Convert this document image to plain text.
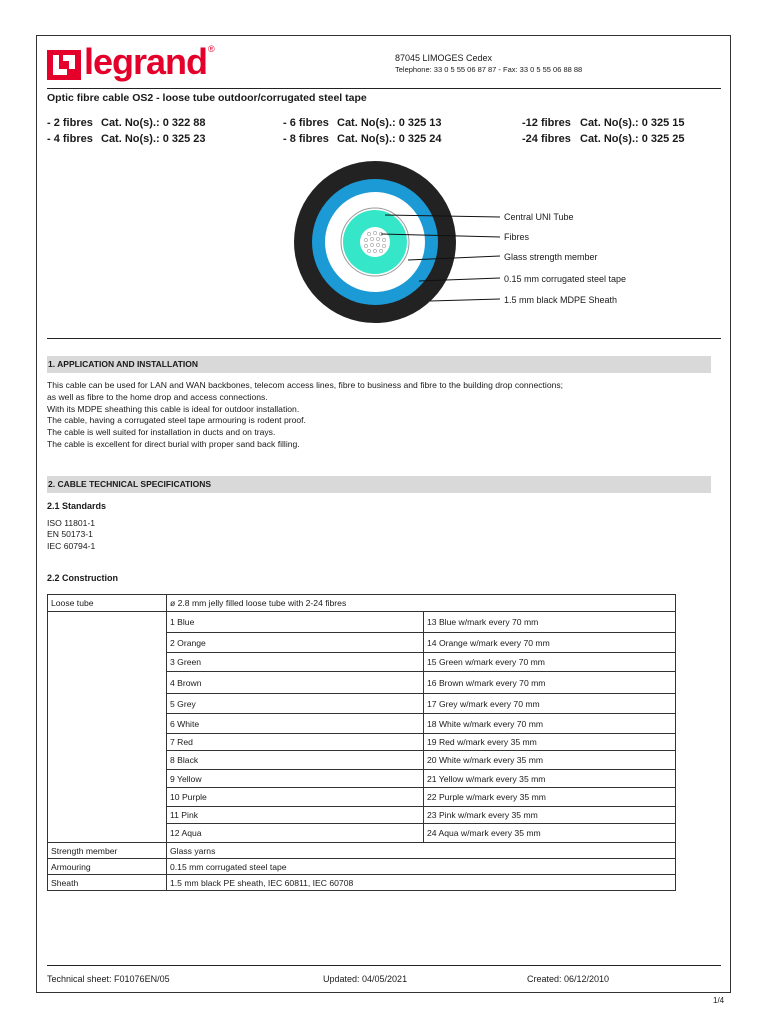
legrand ®
87045 LIMOGES Cedex
Telephone: 33 0 5 55 06 87 87 - Fax: 33 0 5 55 06 88 88
Optic fibre cable OS2 - loose tube outdoor/corrugated steel tape
- 2 fibres Cat. No(s).: 0 322 88
- 4 fibres Cat. No(s).: 0 325 23
- 6 fibres Cat. No(s).: 0 325 13
- 8 fibres Cat. No(s).: 0 325 24
-12 fibres Cat. No(s).: 0 325 15
-24 fibres Cat. No(s).: 0 325 25
Central UNI Tube
Fibres
Glass strength member
0.15 mm corrugated steel tape
1.5 mm black MDPE Sheath
1. APPLICATION AND INSTALLATION
This cable can be used for LAN and WAN backbones, telecom access lines, fibre to business and fibre to the building drop connections;
as well as fibre to the home drop and access connections.
With its MDPE sheathing this cable is ideal for outdoor installation.
The cable, having a corrugated steel tape armouring is rodent proof.
The cable is well suited for installation in ducts and on trays.
The cable is excellent for direct burial with proper sand back filling.
2. CABLE TECHNICAL SPECIFICATIONS
2.1 Standards
ISO 11801-1
EN 50173-1
IEC 60794-1
2.2 Construction
Loose tube	ø 2.8 mm jelly filled loose tube with 2-24 fibres	
	1 Blue	13 Blue w/mark every 70 mm
	2 Orange	14 Orange w/mark every 70 mm
	3 Green	15 Green w/mark every 70 mm
	4 Brown	16 Brown w/mark every 70 mm
	5 Grey	17 Grey w/mark every 70 mm
	6 White	18 White w/mark every 70 mm
	7 Red	19 Red w/mark every 35 mm
	8 Black	20 White w/mark every 35 mm
	9 Yellow	21 Yellow w/mark every 35 mm
	10 Purple	22 Purple w/mark every 35 mm
	11 Pink	23 Pink w/mark every 35 mm
	12 Aqua	24 Aqua w/mark every 35 mm
Strength member	Glass yarns	
Armouring	0.15 mm corrugated steel tape	
Sheath	1.5 mm black PE sheath, IEC 60811, IEC 60708	
Technical sheet: F01076EN/05	Updated: 04/05/2021	Created: 06/12/2010
1/4
